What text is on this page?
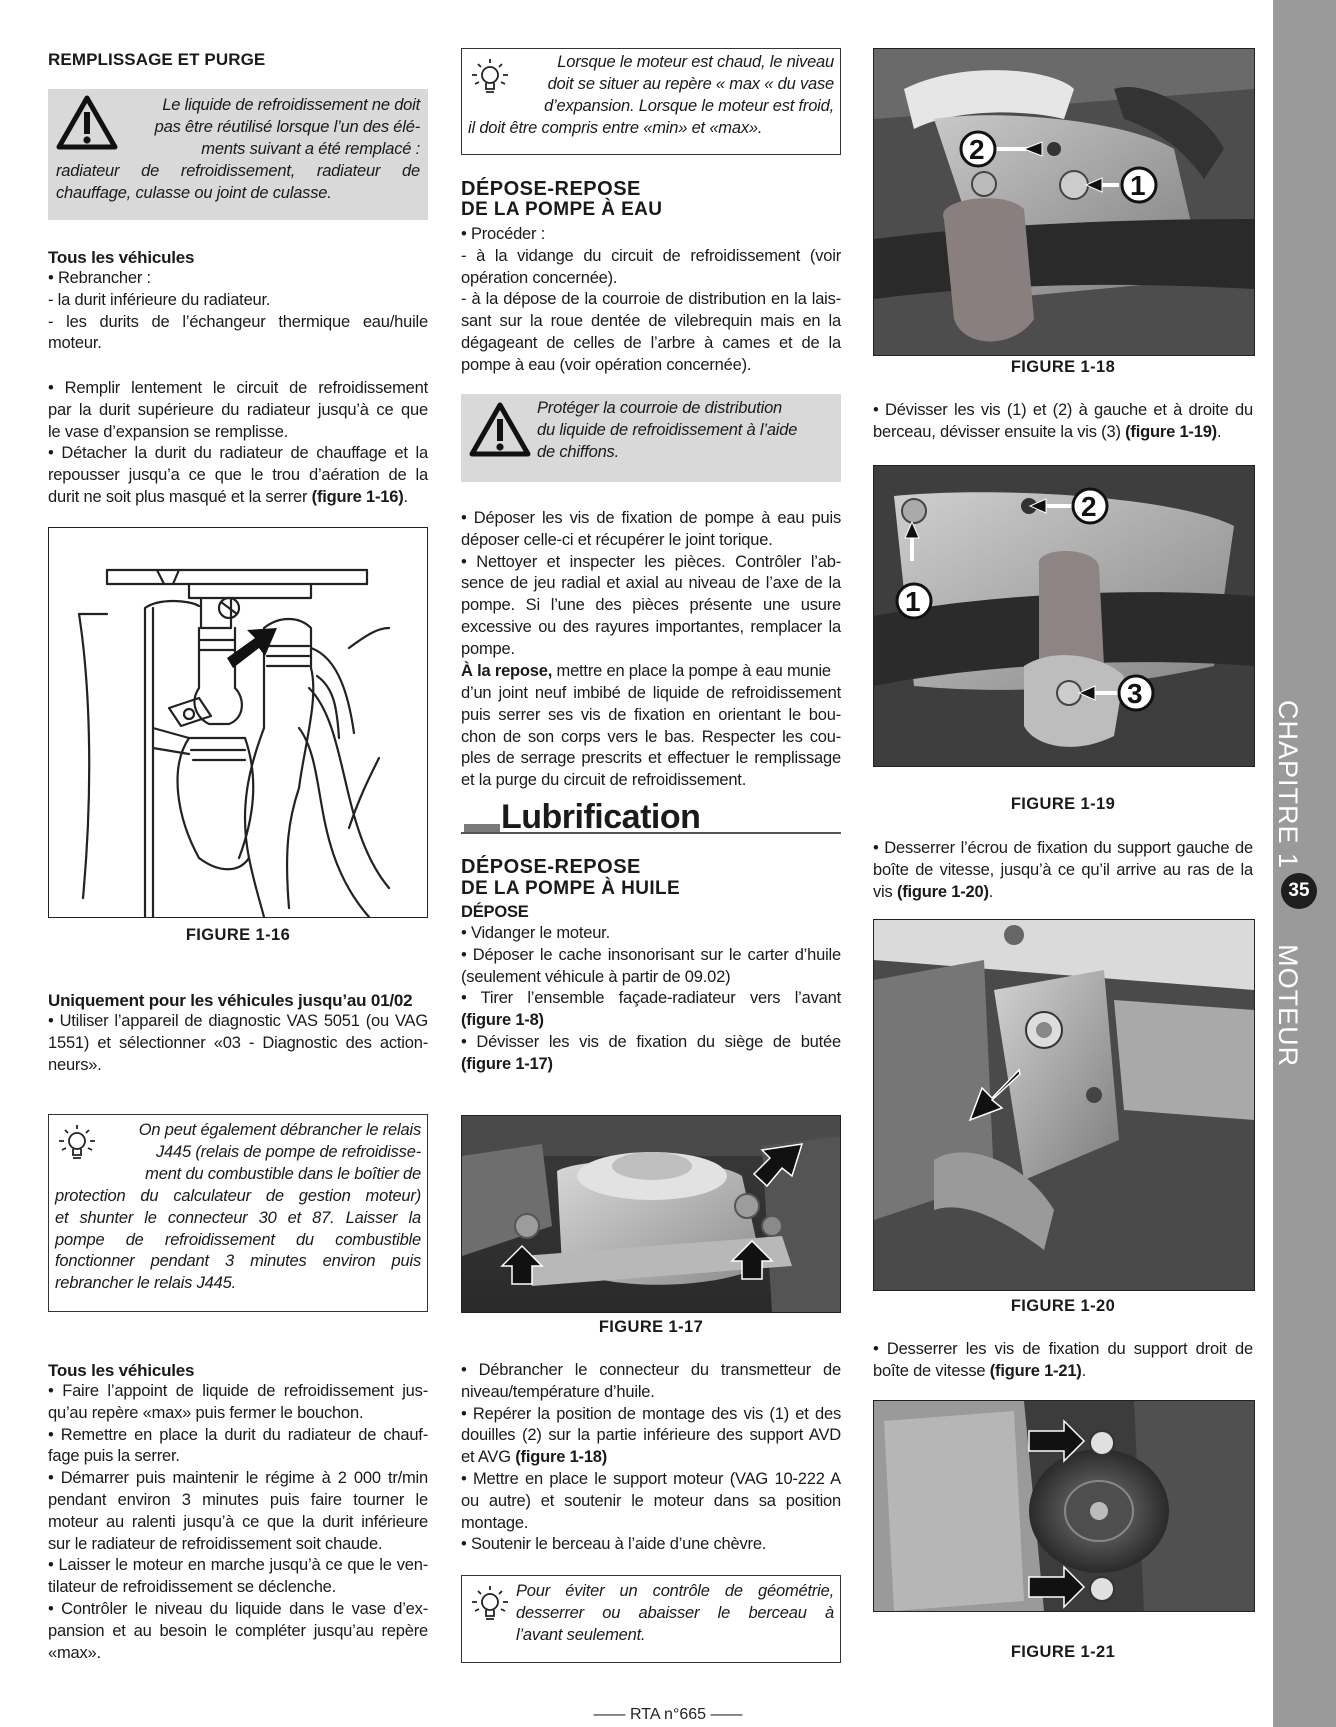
REMPLISSAGE ET PURGE
Le liquide de refroidissement ne doit
pas être réutilisé lorsque l’un des élé-
ments suivant a été remplacé :
radiateur de refroidissement, radiateur de
chauffage, culasse ou joint de culasse.
Tous les véhicules
• Rebrancher :
- la durit inférieure du radiateur.
- les durits de l’échangeur thermique eau/huile
moteur.
• Remplir lentement le circuit de refroidissement
par la durit supérieure du radiateur jusqu’à ce que
le vase d’expansion se remplisse.
• Détacher la durit du radiateur de chauffage et la
repousser jusqu’a ce que le trou d’aération de la
durit ne soit plus masqué et la serrer (figure 1-16).
FIGURE 1-16
Uniquement pour les véhicules jusqu’au 01/02
• Utiliser l’appareil de diagnostic VAS 5051 (ou VAG
1551) et sélectionner «03 - Diagnostic des action-
neurs».
On peut également débrancher le relais
J445 (relais de pompe de refroidisse-
ment du combustible dans le boîtier de
protection du calculateur de gestion moteur)
et shunter le connecteur 30 et 87. Laisser la
pompe de refroidissement du combustible
fonctionner pendant 3 minutes environ puis
rebrancher le relais J445.
Tous les véhicules
• Faire l’appoint de liquide de refroidissement jus-
qu’au repère «max» puis fermer le bouchon.
• Remettre en place la durit du radiateur de chauf-
fage puis la serrer.
• Démarrer puis maintenir le régime à 2 000 tr/min
pendant environ 3 minutes puis faire tourner le
moteur au ralenti jusqu’à ce que la durit inférieure
sur le radiateur de refroidissement soit chaude.
• Laisser le moteur en marche jusqu’à ce que le ven-
tilateur de refroidissement se déclenche.
• Contrôler le niveau du liquide dans le vase d’ex-
pansion et au besoin le compléter jusqu’au repère
«max».
Lorsque le moteur est chaud, le niveau
doit se situer au repère « max « du vase
d’expansion. Lorsque le moteur est froid,
il doit être compris entre «min» et «max».
DÉPOSE-REPOSE
DE LA POMPE À EAU
• Procéder :
- à la vidange du circuit de refroidissement (voir
opération concernée).
- à la dépose de la courroie de distribution en la lais-
sant sur la roue dentée de vilebrequin mais en la
dégageant de celles de l’arbre à cames et de la
pompe à eau (voir opération concernée).
Protéger la courroie de distribution
du liquide de refroidissement à l’aide
de chiffons.
• Déposer les vis de fixation de pompe à eau puis
déposer celle-ci et récupérer le joint torique.
• Nettoyer et inspecter les pièces. Contrôler l’ab-
sence de jeu radial et axial au niveau de l’axe de la
pompe. Si l’une des pièces présente une usure
excessive ou des rayures importantes, remplacer la
pompe.
À la repose, mettre en place la pompe à eau munie
d’un joint neuf imbibé de liquide de refroidissement
puis serrer ses vis de fixation en orientant le bou-
chon de son corps vers le bas. Respecter les cou-
ples de serrage prescrits et effectuer le remplissage
et la purge du circuit de refroidissement.
Lubrification
DÉPOSE-REPOSE
DE LA POMPE À HUILE
DÉPOSE
• Vidanger le moteur.
• Déposer le cache insonorisant sur le carter d’huile
(seulement véhicule à partir de 09.02)
• Tirer l’ensemble façade-radiateur vers l’avant
(figure 1-8)
• Dévisser les vis de fixation du siège de butée
(figure 1-17)
FIGURE 1-17
• Débrancher le connecteur du transmetteur de
niveau/température d’huile.
• Repérer la position de montage des vis (1) et des
douilles (2) sur la partie inférieure des support AVD
et AVG (figure 1-18)
• Mettre en place le support moteur (VAG 10-222 A
ou autre) et soutenir le moteur dans sa position
montage.
• Soutenir le berceau à l’aide d’une chèvre.
Pour éviter un contrôle de géométrie,
desserrer ou abaisser le berceau à
l’avant seulement.
2
1
FIGURE 1-18
• Dévisser les vis (1) et (2) à gauche et à droite du
berceau, dévisser ensuite la vis (3) (figure 1-19).
1
2
3
FIGURE 1-19
• Desserrer l’écrou de fixation du support gauche de
boîte de vitesse, jusqu’à ce qu’il arrive au ras de la
vis (figure 1-20).
FIGURE 1-20
• Desserrer les vis de fixation du support droit de
boîte de vitesse (figure 1-21).
FIGURE 1-21
CHAPITRE 1  MOTEUR
35
—— RTA n°665 ——
